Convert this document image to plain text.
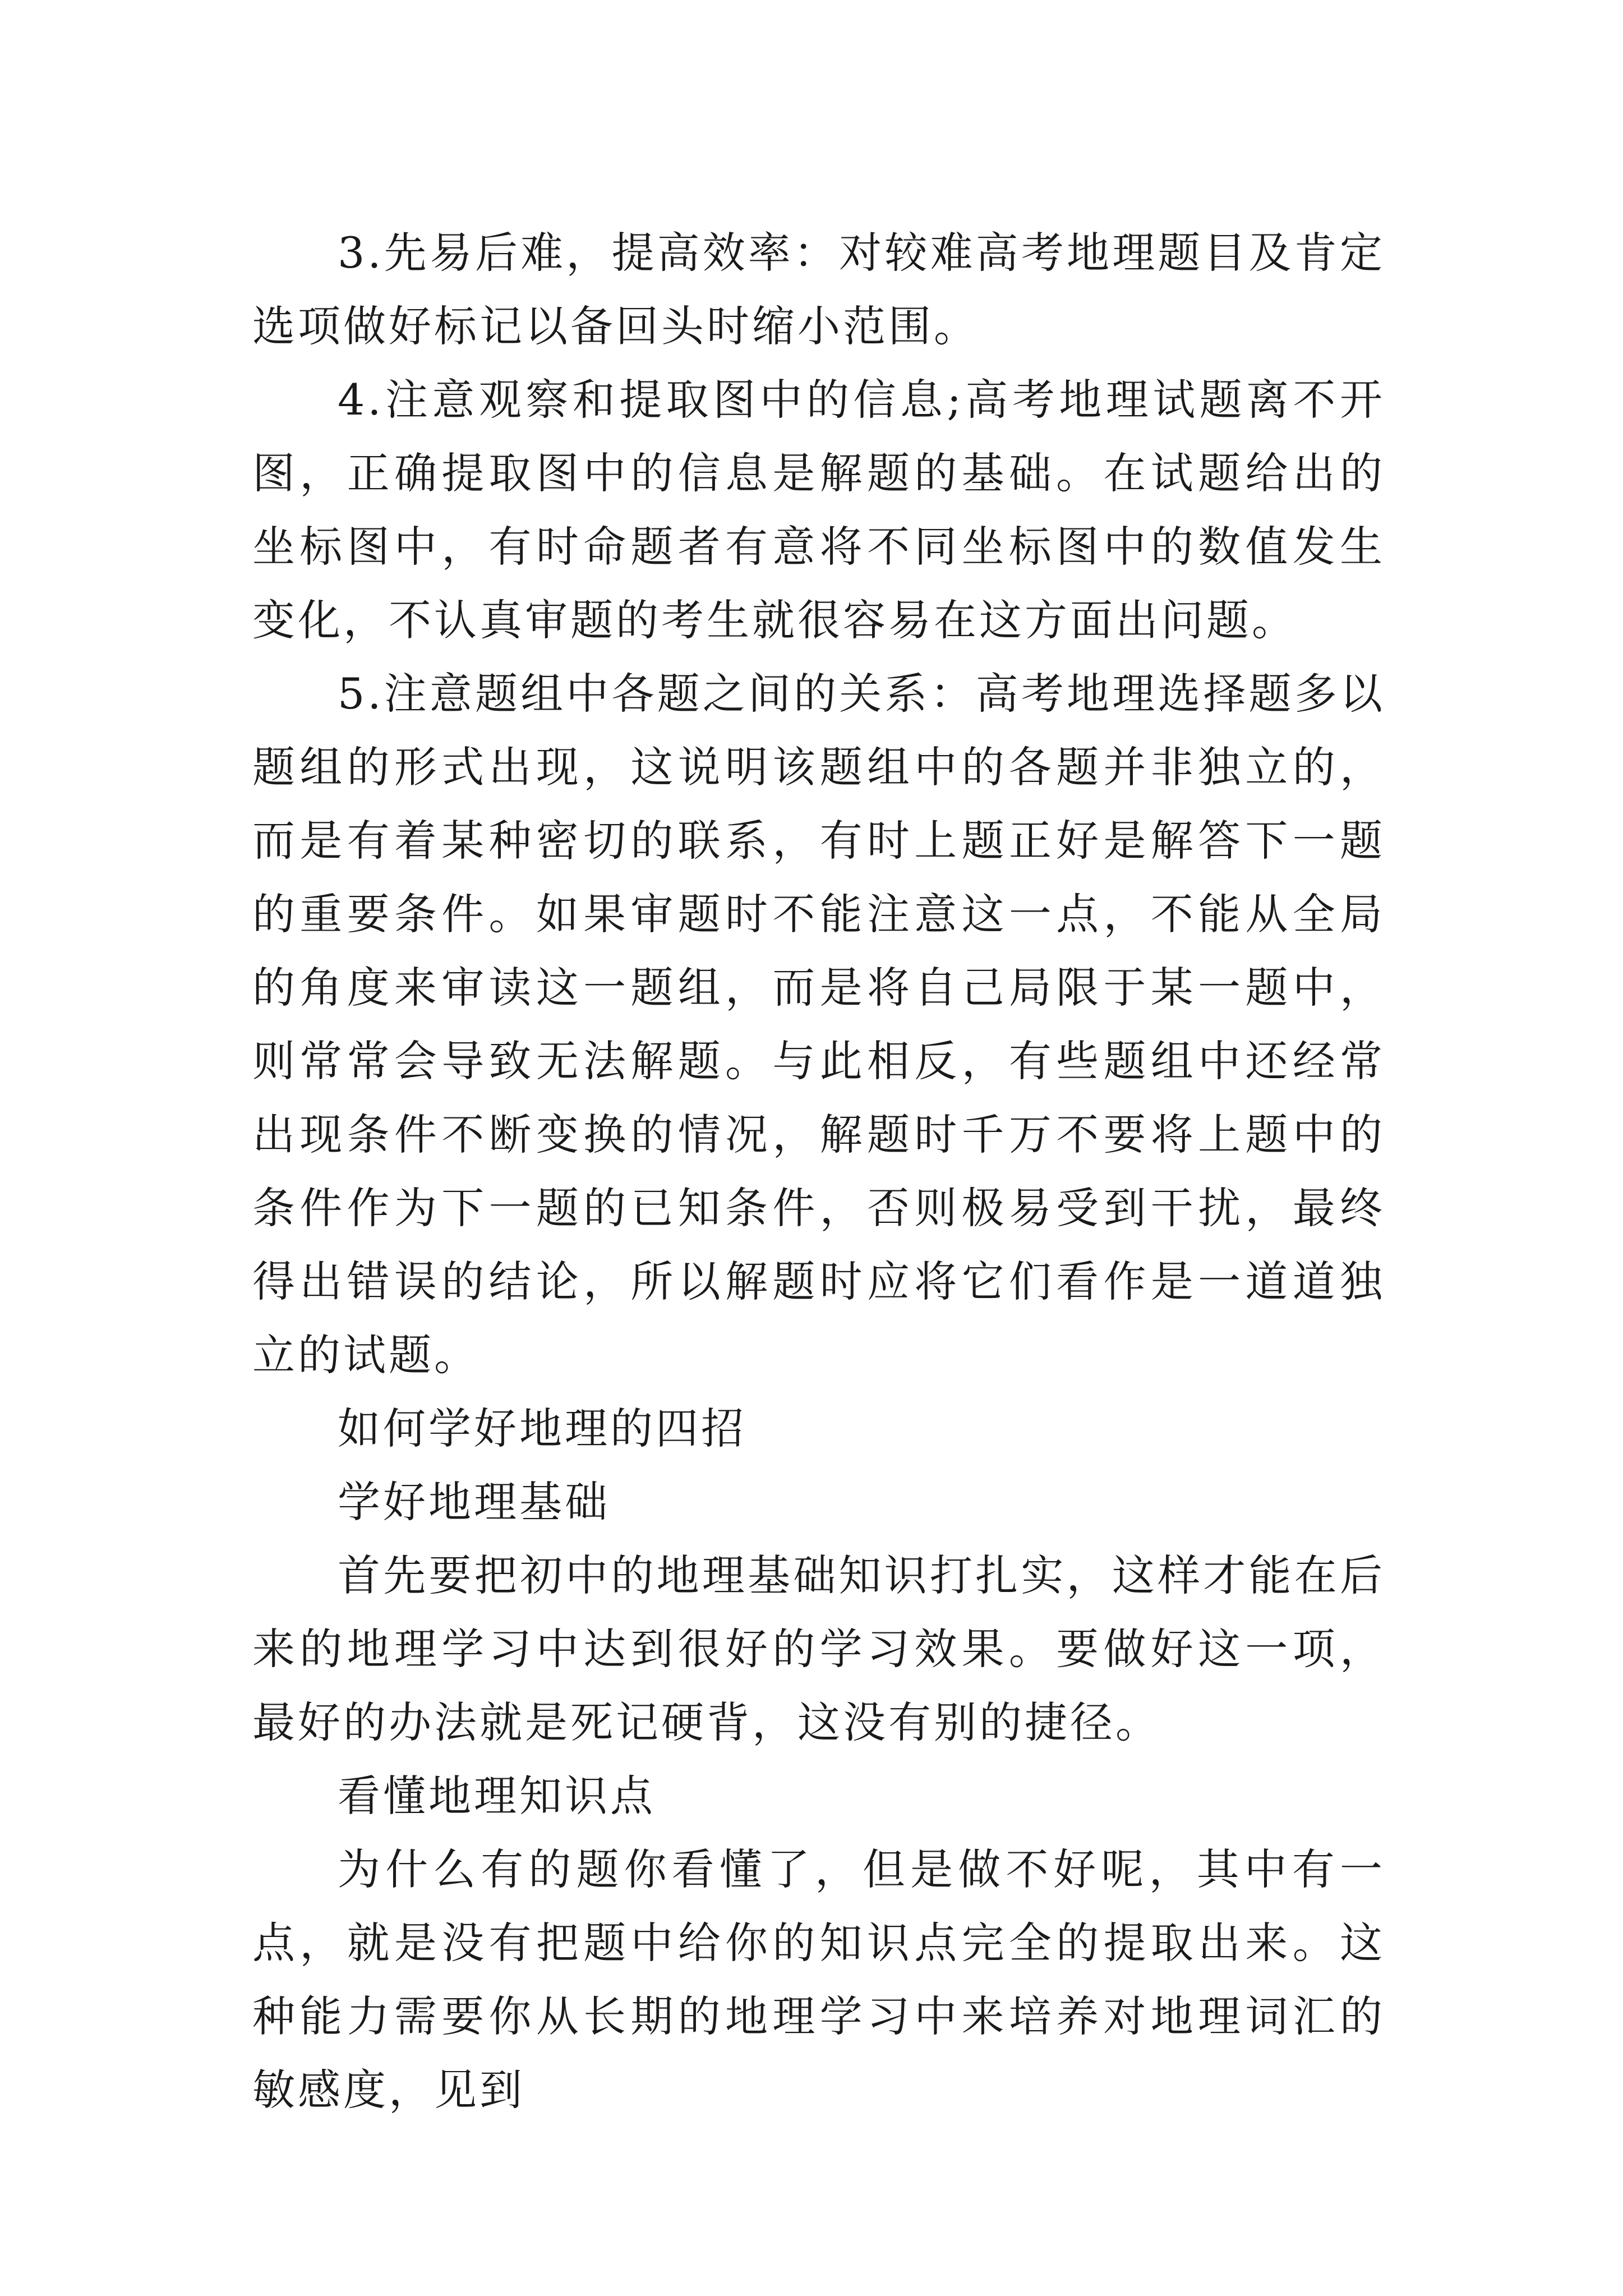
3.先易后难，提高效率：对较难高考地理题目及肯定选项做好标记以备回头时缩小范围。

4.注意观察和提取图中的信息;高考地理试题离不开图，正确提取图中的信息是解题的基础。在试题给出的坐标图中，有时命题者有意将不同坐标图中的数值发生变化，不认真审题的考生就很容易在这方面出问题。

5.注意题组中各题之间的关系：高考地理选择题多以题组的形式出现，这说明该题组中的各题并非独立的，而是有着某种密切的联系，有时上题正好是解答下一题的重要条件。如果审题时不能注意这一点，不能从全局的角度来审读这一题组，而是将自己局限于某一题中，则常常会导致无法解题。与此相反，有些题组中还经常出现条件不断变换的情况，解题时千万不要将上题中的条件作为下一题的已知条件，否则极易受到干扰，最终得出错误的结论，所以解题时应将它们看作是一道道独立的试题。

如何学好地理的四招

学好地理基础

首先要把初中的地理基础知识打扎实，这样才能在后来的地理学习中达到很好的学习效果。要做好这一项，最好的办法就是死记硬背，这没有别的捷径。

看懂地理知识点

为什么有的题你看懂了，但是做不好呢，其中有一点，就是没有把题中给你的知识点完全的提取出来。这种能力需要你从长期的地理学习中来培养对地理词汇的敏感度，见到
